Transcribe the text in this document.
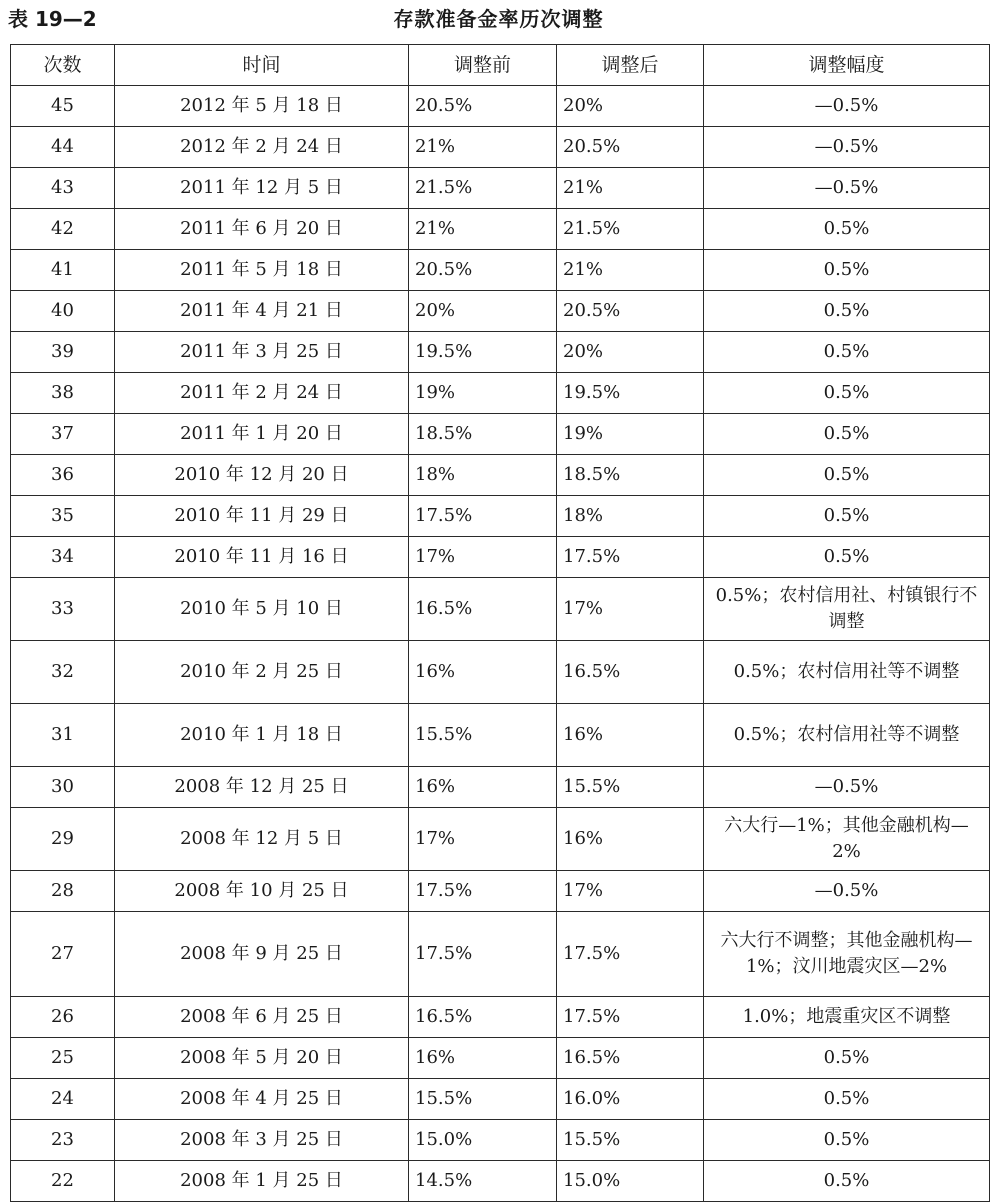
表 19—2	存款准备金率历次调整
次数	时间	调整前	调整后	调整幅度
45	2012 年 5 月 18 日	20.5%	20%	—0.5%
44	2012 年 2 月 24 日	21%	20.5%	—0.5%
43	2011 年 12 月 5 日	21.5%	21%	—0.5%
42	2011 年 6 月 20 日	21%	21.5%	0.5%
41	2011 年 5 月 18 日	20.5%	21%	0.5%
40	2011 年 4 月 21 日	20%	20.5%	0.5%
39	2011 年 3 月 25 日	19.5%	20%	0.5%
38	2011 年 2 月 24 日	19%	19.5%	0.5%
37	2011 年 1 月 20 日	18.5%	19%	0.5%
36	2010 年 12 月 20 日	18%	18.5%	0.5%
35	2010 年 11 月 29 日	17.5%	18%	0.5%
34	2010 年 11 月 16 日	17%	17.5%	0.5%
33	2010 年 5 月 10 日	16.5%	17%	0.5%；农村信用社、村镇银行不调整
32	2010 年 2 月 25 日	16%	16.5%	0.5%；农村信用社等不调整
31	2010 年 1 月 18 日	15.5%	16%	0.5%；农村信用社等不调整
30	2008 年 12 月 25 日	16%	15.5%	—0.5%
29	2008 年 12 月 5 日	17%	16%	六大行—1%；其他金融机构—2%
28	2008 年 10 月 25 日	17.5%	17%	—0.5%
27	2008 年 9 月 25 日	17.5%	17.5%	六大行不调整；其他金融机构—1%；汶川地震灾区—2%
26	2008 年 6 月 25 日	16.5%	17.5%	1.0%；地震重灾区不调整
25	2008 年 5 月 20 日	16%	16.5%	0.5%
24	2008 年 4 月 25 日	15.5%	16.0%	0.5%
23	2008 年 3 月 25 日	15.0%	15.5%	0.5%
22	2008 年 1 月 25 日	14.5%	15.0%	0.5%
